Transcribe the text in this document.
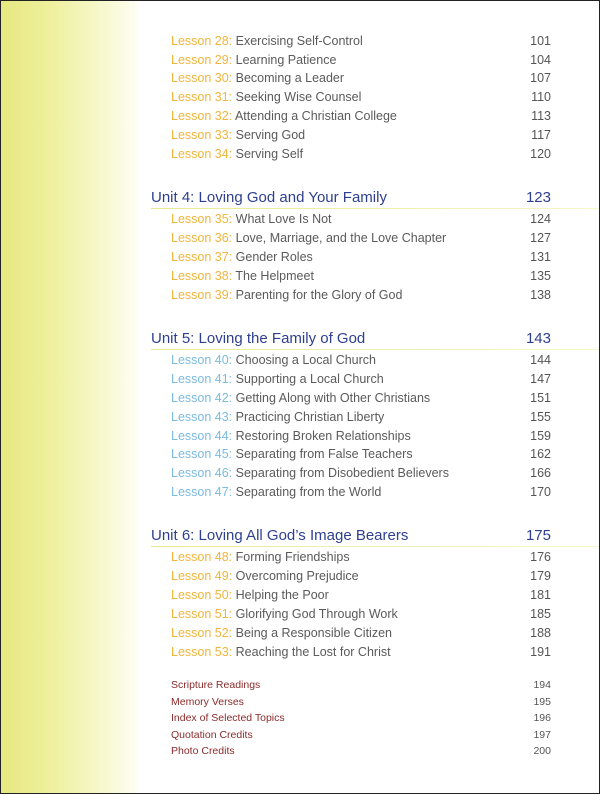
Lesson 28: Exercising Self-Control	101
Lesson 29: Learning Patience	104
Lesson 30: Becoming a Leader	107
Lesson 31: Seeking Wise Counsel	110
Lesson 32: Attending a Christian College	113
Lesson 33: Serving God	117
Lesson 34: Serving Self	120
Unit 4: Loving God and Your Family	123
Lesson 35: What Love Is Not	124
Lesson 36: Love, Marriage, and the Love Chapter	127
Lesson 37: Gender Roles	131
Lesson 38: The Helpmeet	135
Lesson 39: Parenting for the Glory of God	138
Unit 5: Loving the Family of God	143
Lesson 40: Choosing a Local Church	144
Lesson 41: Supporting a Local Church	147
Lesson 42: Getting Along with Other Christians	151
Lesson 43: Practicing Christian Liberty	155
Lesson 44: Restoring Broken Relationships	159
Lesson 45: Separating from False Teachers	162
Lesson 46: Separating from Disobedient Believers	166
Lesson 47: Separating from the World	170
Unit 6: Loving All God’s Image Bearers	175
Lesson 48: Forming Friendships	176
Lesson 49: Overcoming Prejudice	179
Lesson 50: Helping the Poor	181
Lesson 51: Glorifying God Through Work	185
Lesson 52: Being a Responsible Citizen	188
Lesson 53: Reaching the Lost for Christ	191
Scripture Readings	194
Memory Verses	195
Index of Selected Topics	196
Quotation Credits	197
Photo Credits	200
